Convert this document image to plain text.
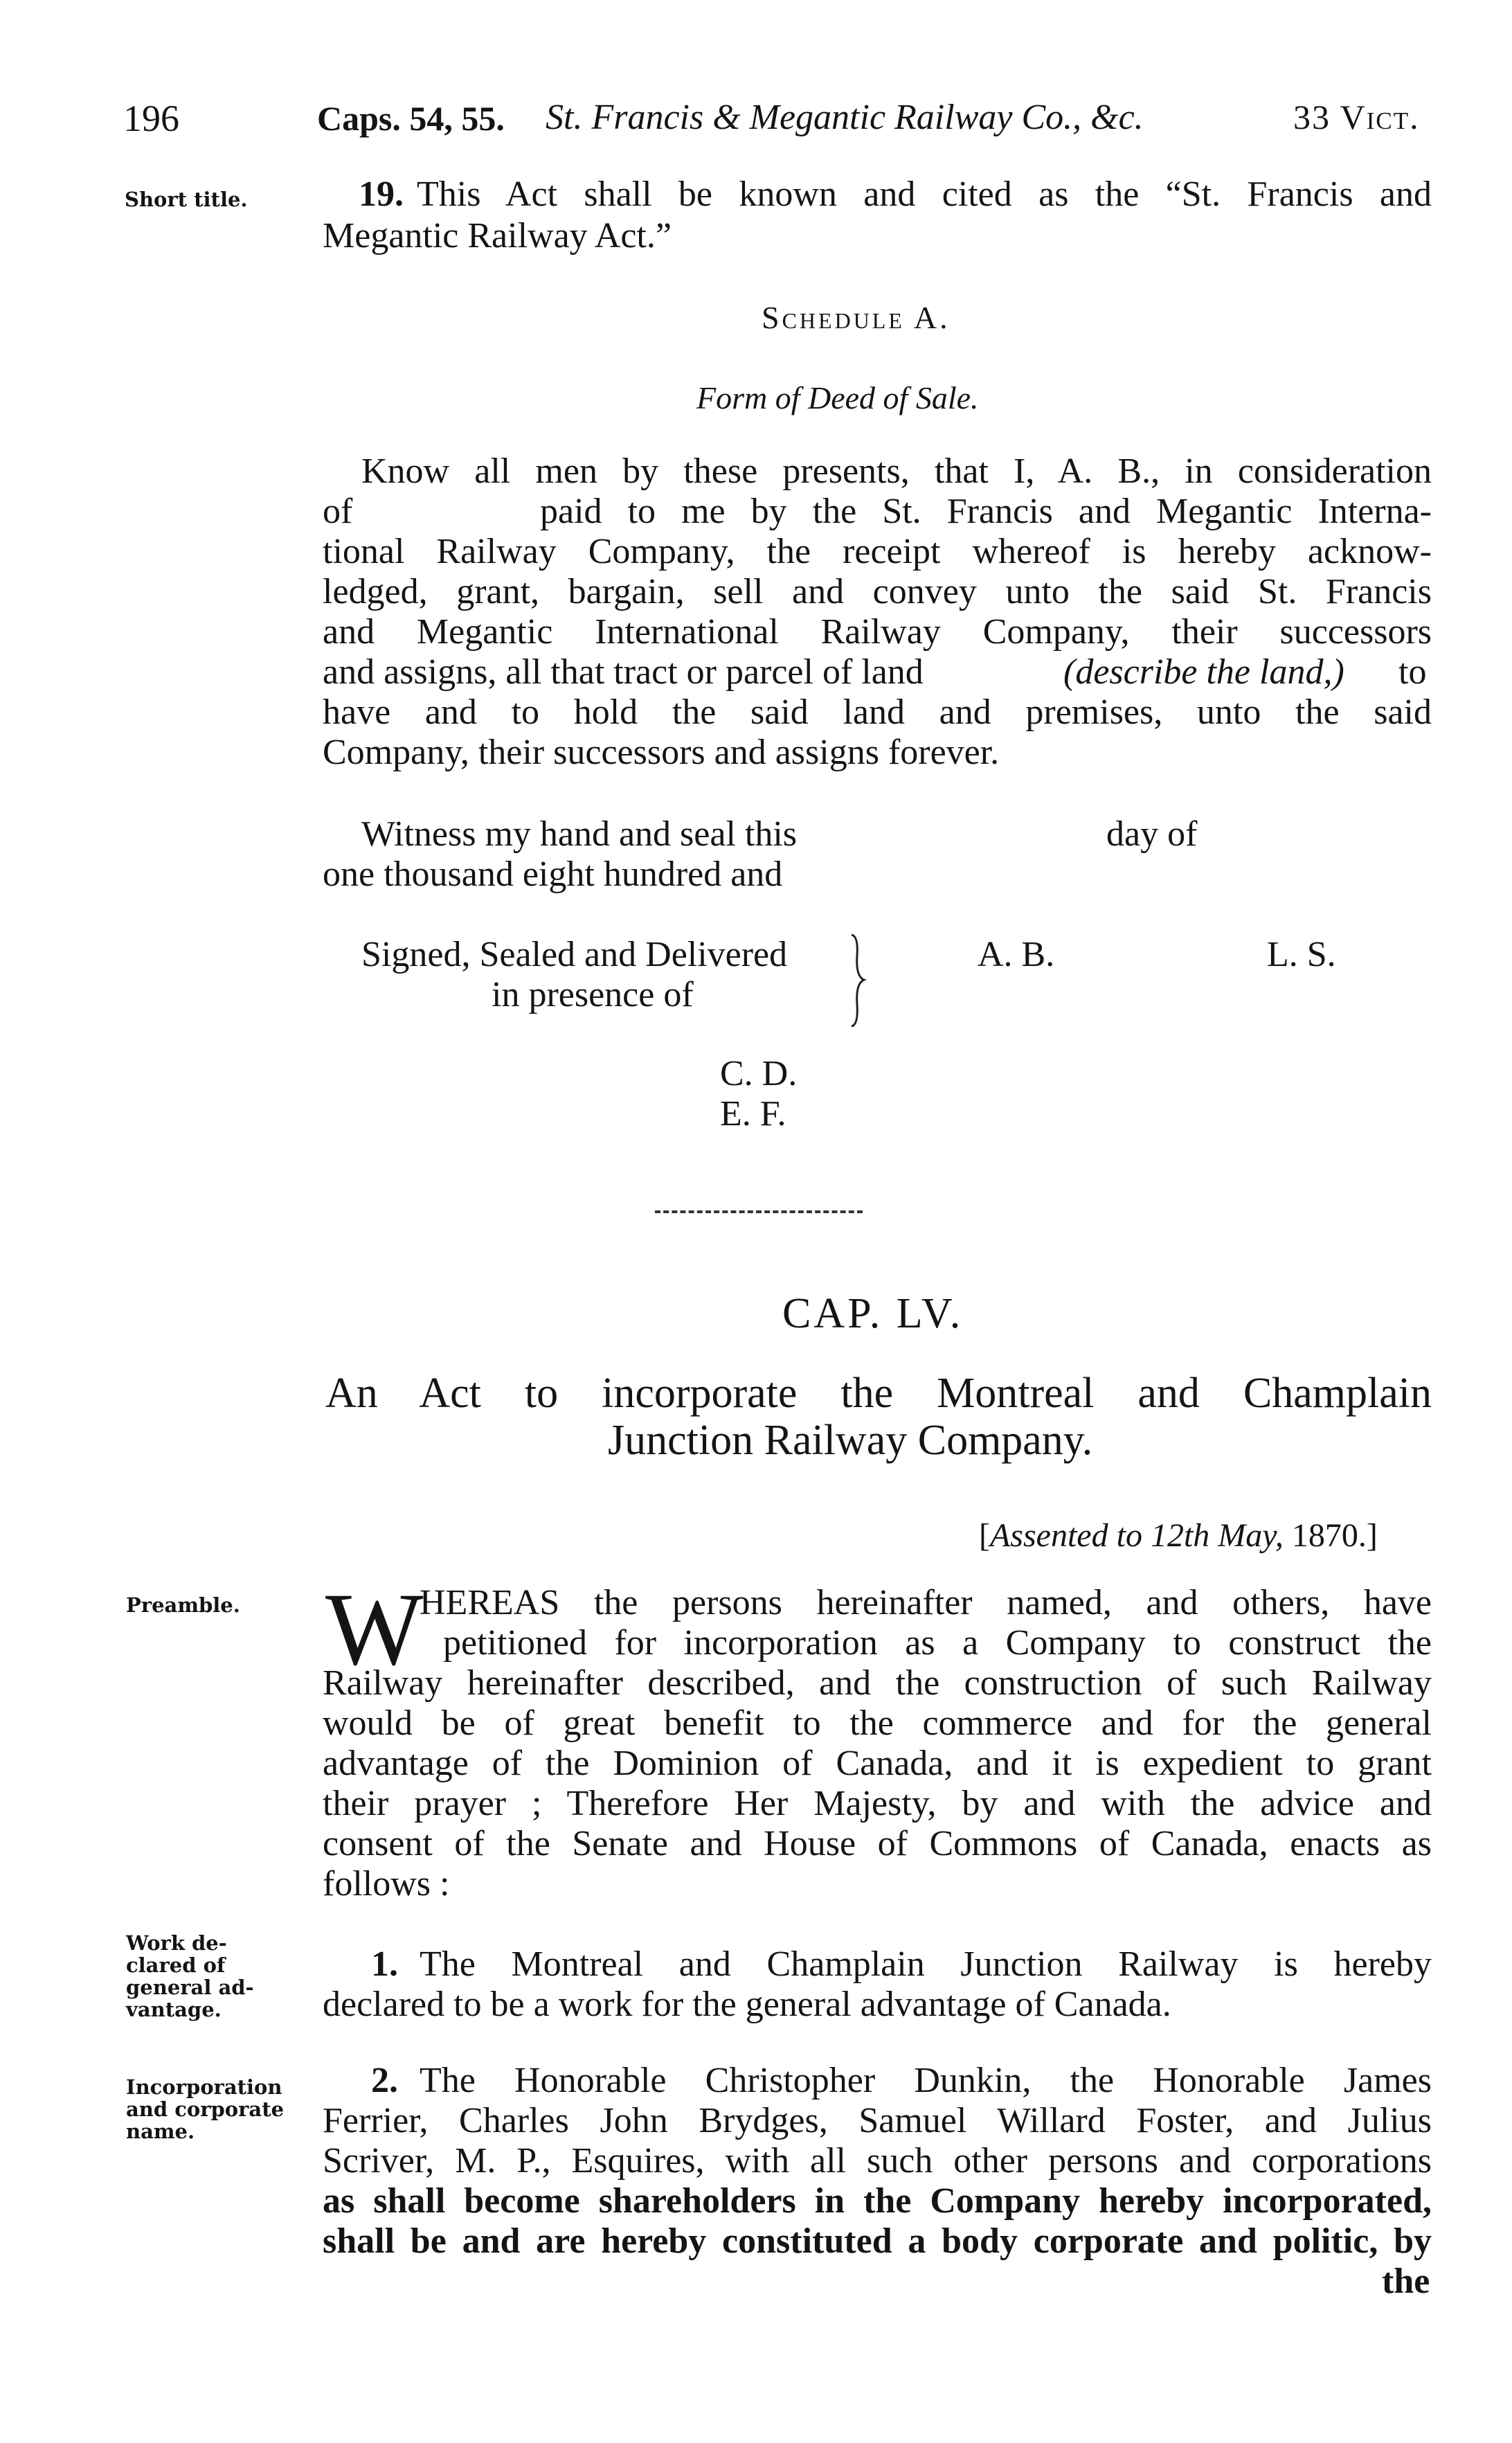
196	Caps. 54, 55. St. Francis & Megantic Railway Co., &c.	33 Vict.
Short title.	19. This Act shall be known and cited as the “St. Francis and
Megantic Railway Act.”
Schedule A.
Form of Deed of Sale.
Know all men by these presents, that I, A. B., in consideration
of	paid to me by the St. Francis and Megantic Interna-
tional Railway Company, the receipt whereof is hereby acknow-
ledged, grant, bargain, sell and convey unto the said St. Francis
and Megantic International Railway Company, their successors
and assigns, all that tract or parcel of land	(describe the land,) to
have and to hold the said land and premises, unto the said
Company, their successors and assigns forever.
Witness my hand and seal this	day of
one thousand eight hundred and
Signed, Sealed and Delivered
in presence of
A. B.	L. S.
C. D.
E. F.
CAP. LV.
An Act to incorporate the Montreal and Champlain
Junction Railway Company.
[Assented to 12th May, 1870.]
Preamble. W
HEREAS the persons hereinafter named, and others, have
petitioned for incorporation as a Company to construct the
Railway hereinafter described, and the construction of such Railway
would be of great benefit to the commerce and for the general
advantage of the Dominion of Canada, and it is expedient to grant
their prayer ; Therefore Her Majesty, by and with the advice and
consent of the Senate and House of Commons of Canada, enacts as
follows :
Work de-
clared of
general ad-
vantage.
1. The Montreal and Champlain Junction Railway is hereby
declared to be a work for the general advantage of Canada.
Incorporation
and corporate
name.
2. The Honorable Christopher Dunkin, the Honorable James
Ferrier, Charles John Brydges, Samuel Willard Foster, and Julius
Scriver, M. P., Esquires, with all such other persons and corporations
as shall become shareholders in the Company hereby incorporated,
shall be and are hereby constituted a body corporate and politic, by
the
